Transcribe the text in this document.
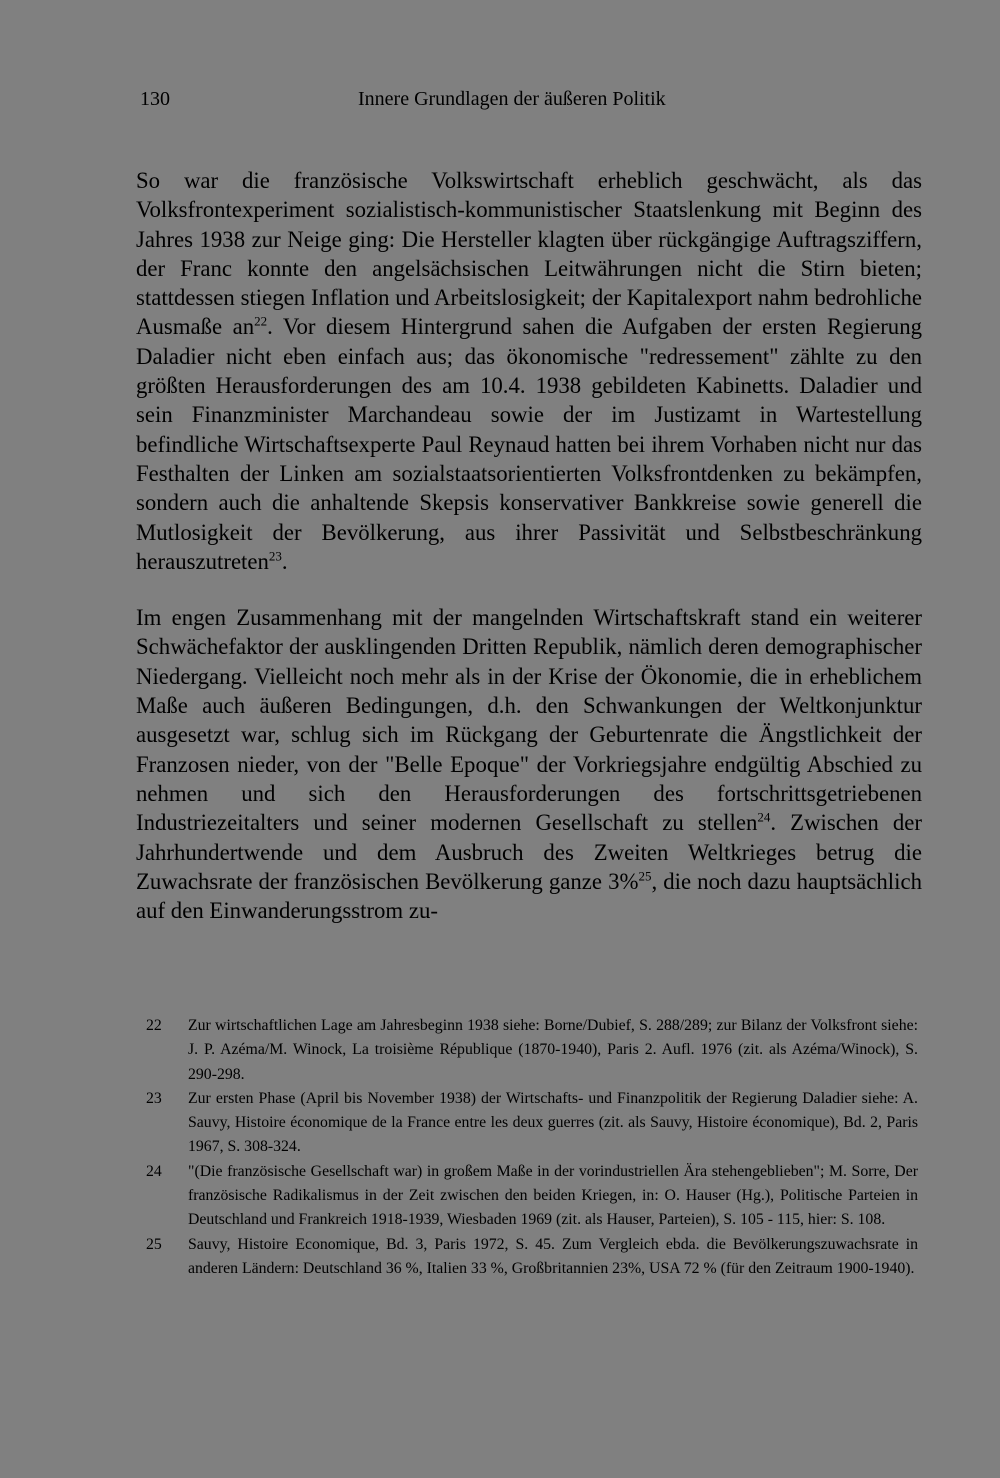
130	Innere Grundlagen der äußeren Politik

So war die französische Volkswirtschaft erheblich geschwächt, als das Volksfrontexperiment sozialistisch-kommunistischer Staatslenkung mit Beginn des Jahres 1938 zur Neige ging: Die Hersteller klagten über rückgängige Auftragsziffern, der Franc konnte den angelsächsischen Leitwährungen nicht die Stirn bieten; stattdessen stiegen Inflation und Arbeitslosigkeit; der Kapitalexport nahm bedrohliche Ausmaße $an^{22}$. Vor diesem Hintergrund sahen die Aufgaben der ersten Regierung Daladier nicht eben einfach aus; das ökonomische "redressement" zählte zu den größten Herausforderungen des am 10.4. 1938 gebildeten Kabinetts. Daladier und sein Finanzminister Marchandeau sowie der im Justizamt in Wartestellung befindliche Wirtschaftsexperte Paul Reynaud hatten bei ihrem Vorhaben nicht nur das Festhalten der Linken am sozialstaatsorientierten Volksfrontdenken zu bekämpfen, sondern auch die anhaltende Skepsis konservativer Bankkreise sowie generell die Mutlosigkeit der Bevölkerung, aus ihrer Passivität und Selbstbeschränkung herauszutreten$^{23}$.

Im engen Zusammenhang mit der mangelnden Wirtschaftskraft stand ein weiterer Schwächefaktor der ausklingenden Dritten Republik, nämlich deren demographischer Niedergang. Vielleicht noch mehr als in der Krise der Ökonomie, die in erheblichem Maße auch äußeren Bedingungen, d.h. den Schwankungen der Weltkonjunktur ausgesetzt war, schlug sich im Rückgang der Geburtenrate die Ängstlichkeit der Franzosen nieder, von der "Belle Epoque" der Vorkriegsjahre endgültig Abschied zu nehmen und sich den Herausforderungen des fortschrittsgetriebenen Industriezeitalters und seiner modernen Gesellschaft zu stellen$^{24}$. Zwischen der Jahrhundertwende und dem Ausbruch des Zweiten Weltkrieges betrug die Zuwachsrate der französischen Bevölkerung ganze 3%$^{25}$, die noch dazu hauptsächlich auf den Einwanderungsstrom zu-

22	Zur wirtschaftlichen Lage am Jahresbeginn 1938 siehe: Borne/Dubief, S. 288/289; zur Bilanz der Volksfront siehe: J. P. Azéma/M. Winock, La troisième République (1870-1940), Paris 2. Aufl. 1976 (zit. als Azéma/Winock), S. 290-298.
23	Zur ersten Phase (April bis November 1938) der Wirtschafts- und Finanzpolitik der Regierung Daladier siehe: A. Sauvy, Histoire économique de la France entre les deux guerres (zit. als Sauvy, Histoire économique), Bd. 2, Paris 1967, S. 308-324.
24	"(Die französische Gesellschaft war) in großem Maße in der vorindustriellen Ära stehengeblieben"; M. Sorre, Der französische Radikalismus in der Zeit zwischen den beiden Kriegen, in: O. Hauser (Hg.), Politische Parteien in Deutschland und Frankreich 1918-1939, Wiesbaden 1969 (zit. als Hauser, Parteien), S. 105 - 115, hier: S. 108.
25	Sauvy, Histoire Economique, Bd. 3, Paris 1972, S. 45. Zum Vergleich ebda. die Bevölkerungszuwachsrate in anderen Ländern: Deutschland 36 %, Italien 33 %, Großbritannien 23%, USA 72 % (für den Zeitraum 1900-1940).
